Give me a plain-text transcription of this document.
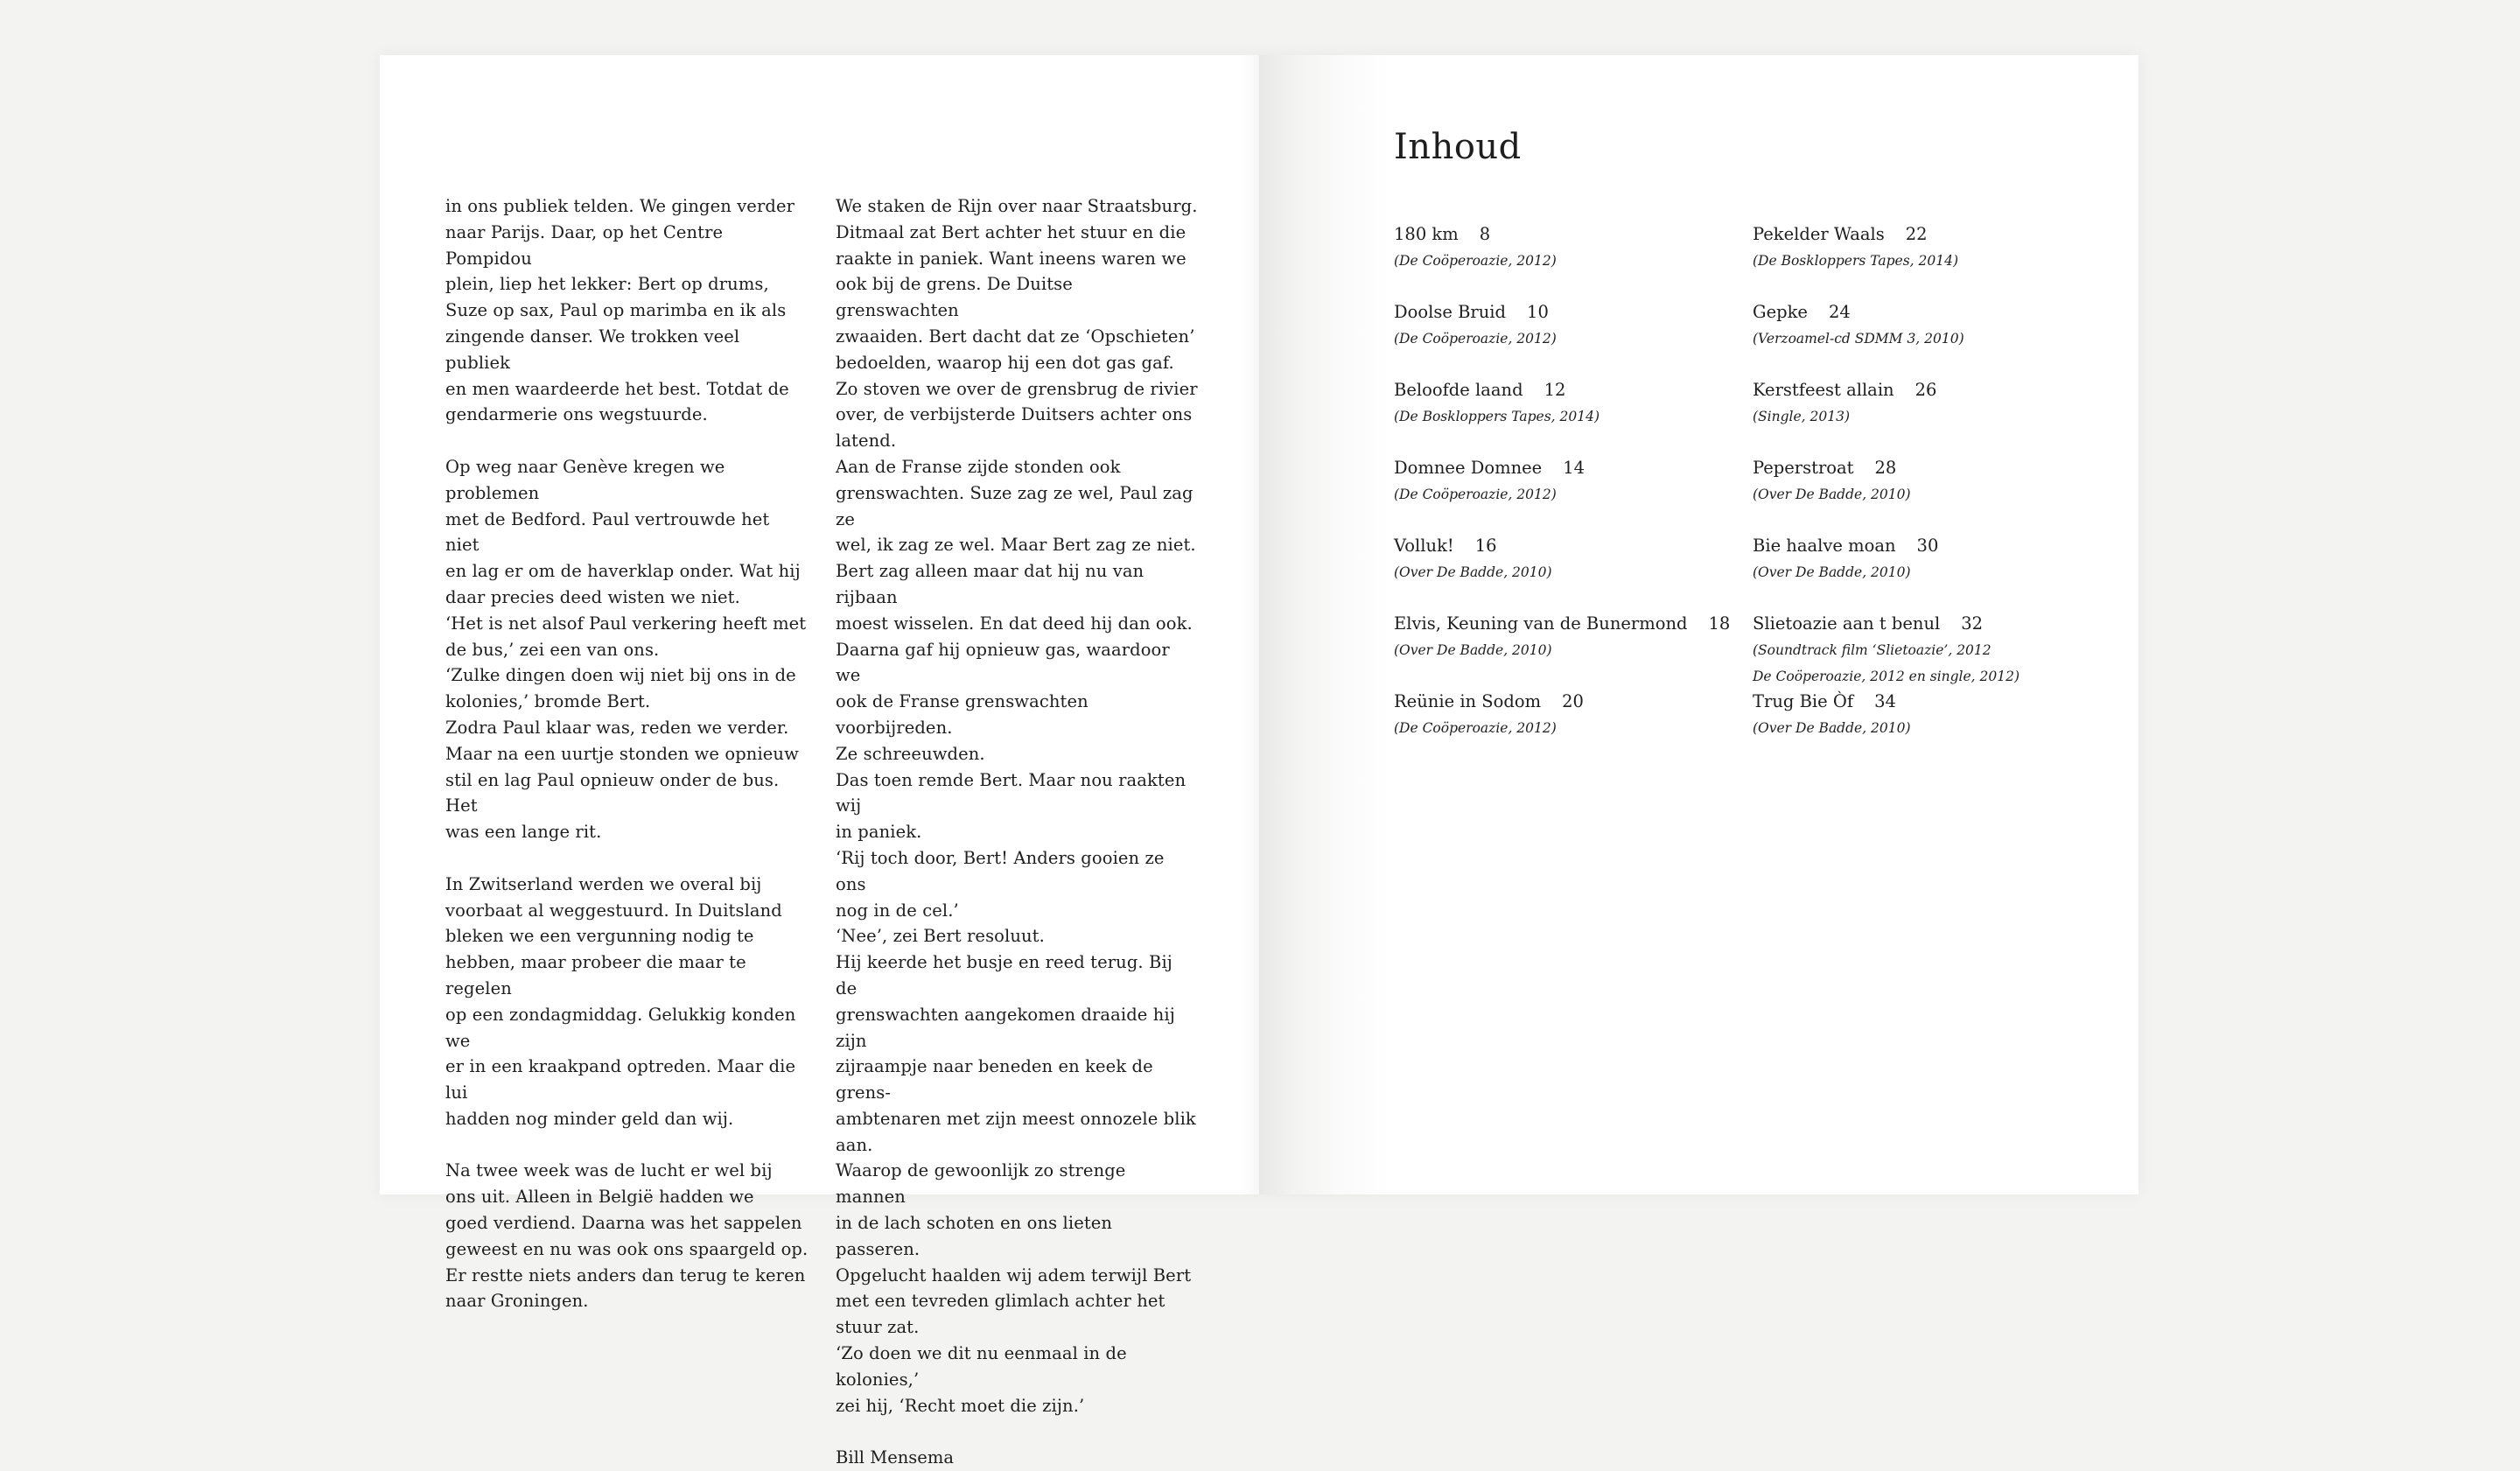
in ons publiek telden. We gingen verder
naar Parijs. Daar, op het Centre Pompidou
plein, liep het lekker: Bert op drums,
Suze op sax, Paul op marimba en ik als
zingende danser. We trokken veel publiek
en men waardeerde het best. Totdat de
gendarmerie ons wegstuurde.
Op weg naar Genève kregen we problemen
met de Bedford. Paul vertrouwde het niet
en lag er om de haverklap onder. Wat hij
daar precies deed wisten we niet.
‘Het is net alsof Paul verkering heeft met
de bus,’ zei een van ons.
‘Zulke dingen doen wij niet bij ons in de
kolonies,’ bromde Bert.
Zodra Paul klaar was, reden we verder.
Maar na een uurtje stonden we opnieuw
stil en lag Paul opnieuw onder de bus. Het
was een lange rit.
In Zwitserland werden we overal bij
voorbaat al weggestuurd. In Duitsland
bleken we een vergunning nodig te
hebben, maar probeer die maar te regelen
op een zondagmiddag. Gelukkig konden we
er in een kraakpand optreden. Maar die lui
hadden nog minder geld dan wij.
Na twee week was de lucht er wel bij
ons uit. Alleen in België hadden we
goed verdiend. Daarna was het sappelen
geweest en nu was ook ons spaargeld op.
Er restte niets anders dan terug te keren
naar Groningen.
We staken de Rijn over naar Straatsburg.
Ditmaal zat Bert achter het stuur en die
raakte in paniek. Want ineens waren we
ook bij de grens. De Duitse grenswachten
zwaaiden. Bert dacht dat ze ‘Opschieten’
bedoelden, waarop hij een dot gas gaf.
Zo stoven we over de grensbrug de rivier
over, de verbijsterde Duitsers achter ons
latend.
Aan de Franse zijde stonden ook
grenswachten. Suze zag ze wel, Paul zag ze
wel, ik zag ze wel. Maar Bert zag ze niet.
Bert zag alleen maar dat hij nu van rijbaan
moest wisselen. En dat deed hij dan ook.
Daarna gaf hij opnieuw gas, waardoor we
ook de Franse grenswachten voorbijreden.
Ze schreeuwden.
Das toen remde Bert. Maar nou raakten wij
in paniek.
‘Rij toch door, Bert! Anders gooien ze ons
nog in de cel.’
‘Nee’, zei Bert resoluut.
Hij keerde het busje en reed terug. Bij de
grenswachten aangekomen draaide hij zijn
zijraampje naar beneden en keek de grens-
ambtenaren met zijn meest onnozele blik
aan.
Waarop de gewoonlijk zo strenge mannen
in de lach schoten en ons lieten passeren.
Opgelucht haalden wij adem terwijl Bert
met een tevreden glimlach achter het
stuur zat.
‘Zo doen we dit nu eenmaal in de kolonies,’
zei hij, ‘Recht moet die zijn.’
Bill Mensema
Inhoud
180 km 8
(De Coöperoazie, 2012)
Doolse Bruid 10
(De Coöperoazie, 2012)
Beloofde laand 12
(De Boskloppers Tapes, 2014)
Domnee Domnee 14
(De Coöperoazie, 2012)
Volluk! 16
(Over De Badde, 2010)
Elvis, Keuning van de Bunermond 18
(Over De Badde, 2010)
Reünie in Sodom 20
(De Coöperoazie, 2012)
Pekelder Waals 22
(De Boskloppers Tapes, 2014)
Gepke 24
(Verzoamel-cd SDMM 3, 2010)
Kerstfeest allain 26
(Single, 2013)
Peperstroat 28
(Over De Badde, 2010)
Bie haalve moan 30
(Over De Badde, 2010)
Slietoazie aan t benul 32
(Soundtrack film ‘Slietoazie’, 2012
De Coöperoazie, 2012 en single, 2012)
Trug Bie Òf 34
(Over De Badde, 2010)
